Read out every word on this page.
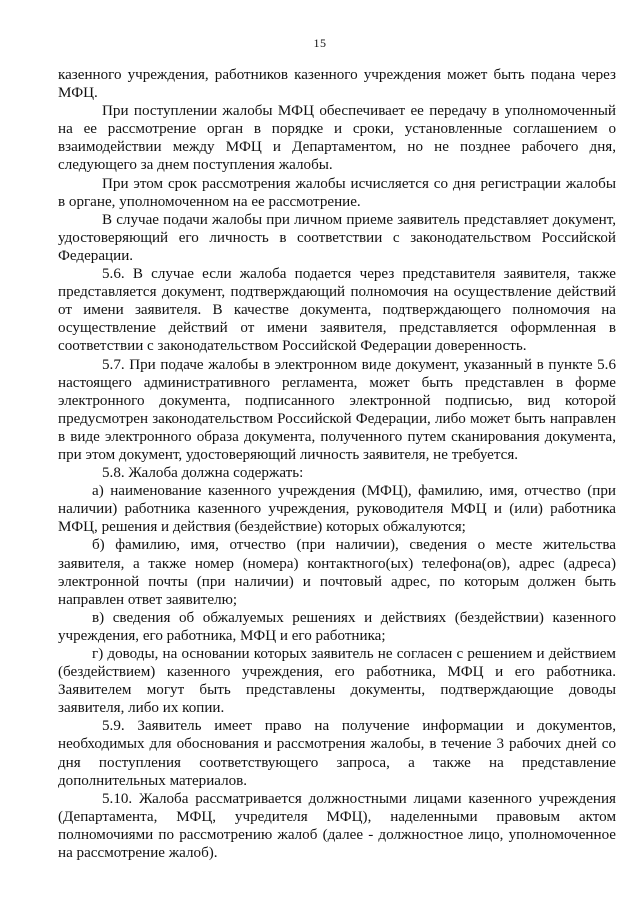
15

казенного учреждения, работников казенного учреждения может быть подана через МФЦ.

При поступлении жалобы МФЦ обеспечивает ее передачу в уполномоченный на ее рассмотрение орган в порядке и сроки, установленные соглашением о взаимодействии между МФЦ и Департаментом, но не позднее рабочего дня, следующего за днем поступления жалобы.

При этом срок рассмотрения жалобы исчисляется со дня регистрации жалобы в органе, уполномоченном на ее рассмотрение.

В случае подачи жалобы при личном приеме заявитель представляет документ, удостоверяющий его личность в соответствии с законодательством Российской Федерации.

5.6. В случае если жалоба подается через представителя заявителя, также представляется документ, подтверждающий полномочия на осуществление действий от имени заявителя. В качестве документа, подтверждающего полномочия на осуществление действий от имени заявителя, представляется оформленная в соответствии с законодательством Российской Федерации доверенность.

5.7. При подаче жалобы в электронном виде документ, указанный в пункте 5.6 настоящего административного регламента, может быть представлен в форме электронного документа, подписанного электронной подписью, вид которой предусмотрен законодательством Российской Федерации, либо может быть направлен в виде электронного образа документа, полученного путем сканирования документа, при этом документ, удостоверяющий личность заявителя, не требуется.

5.8. Жалоба должна содержать:

а) наименование казенного учреждения (МФЦ), фамилию, имя, отчество (при наличии) работника казенного учреждения, руководителя МФЦ и (или) работника МФЦ, решения и действия (бездействие) которых обжалуются;

б) фамилию, имя, отчество (при наличии), сведения о месте жительства заявителя, а также номер (номера) контактного(ых) телефона(ов), адрес (адреса) электронной почты (при наличии) и почтовый адрес, по которым должен быть направлен ответ заявителю;

в) сведения об обжалуемых решениях и действиях (бездействии) казенного учреждения, его работника, МФЦ и его работника;

г) доводы, на основании которых заявитель не согласен с решением и действием (бездействием) казенного учреждения, его работника, МФЦ и его работника. Заявителем могут быть представлены документы, подтверждающие доводы заявителя, либо их копии.

5.9. Заявитель имеет право на получение информации и документов, необходимых для обоснования и рассмотрения жалобы, в течение 3 рабочих дней со дня поступления соответствующего запроса, а также на представление дополнительных материалов.

5.10. Жалоба рассматривается должностными лицами казенного учреждения (Департамента, МФЦ, учредителя МФЦ), наделенными правовым актом полномочиями по рассмотрению жалоб (далее - должностное лицо, уполномоченное на рассмотрение жалоб).
